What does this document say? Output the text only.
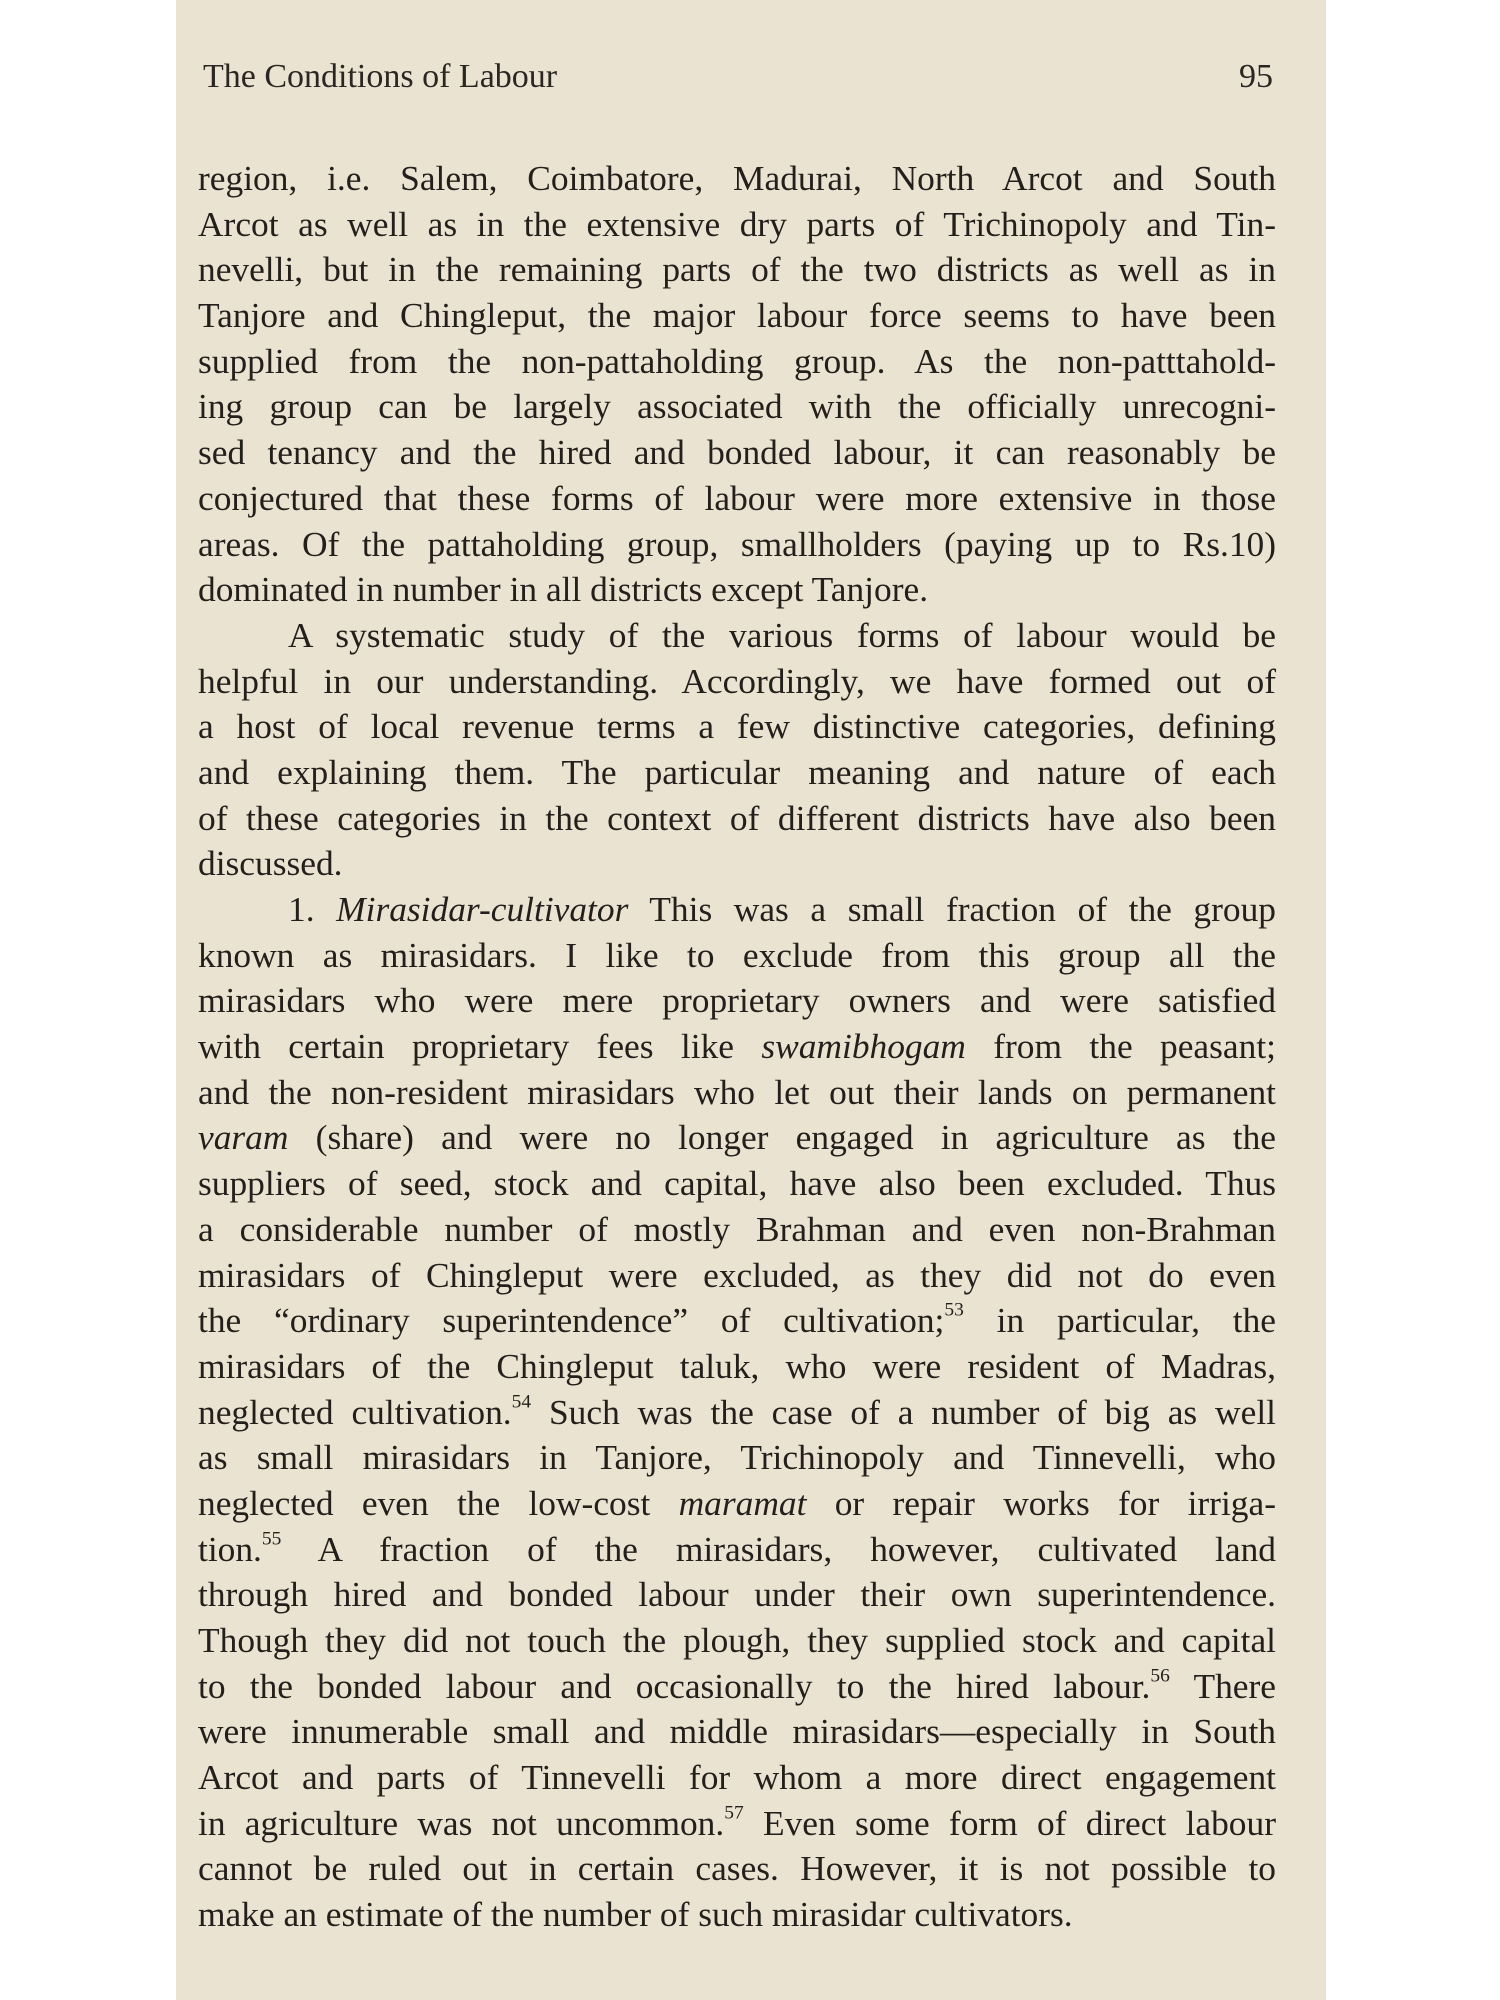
The Conditions of Labour	95
region, i.e. Salem, Coimbatore, Madurai, North Arcot and South
Arcot as well as in the extensive dry parts of Trichinopoly and Tin-
nevelli, but in the remaining parts of the two districts as well as in
Tanjore and Chingleput, the major labour force seems to have been
supplied from the non-pattaholding group. As the non-patttahold-
ing group can be largely associated with the officially unrecogni-
sed tenancy and the hired and bonded labour, it can reasonably be
conjectured that these forms of labour were more extensive in those
areas. Of the pattaholding group, smallholders (paying up to Rs.10)
dominated in number in all districts except Tanjore.
A systematic study of the various forms of labour would be
helpful in our understanding. Accordingly, we have formed out of
a host of local revenue terms a few distinctive categories, defining
and explaining them. The particular meaning and nature of each
of these categories in the context of different districts have also been
discussed.
1. Mirasidar-cultivator This was a small fraction of the group
known as mirasidars. I like to exclude from this group all the
mirasidars who were mere proprietary owners and were satisfied
with certain proprietary fees like swamibhogam from the peasant;
and the non-resident mirasidars who let out their lands on permanent
varam (share) and were no longer engaged in agriculture as the
suppliers of seed, stock and capital, have also been excluded. Thus
a considerable number of mostly Brahman and even non-Brahman
mirasidars of Chingleput were excluded, as they did not do even
the “ordinary superintendence” of cultivation;$^{53}$ in particular, the
mirasidars of the Chingleput taluk, who were resident of Madras,
neglected cultivation.$^{54}$ Such was the case of a number of big as well
as small mirasidars in Tanjore, Trichinopoly and Tinnevelli, who
neglected even the low-cost maramat or repair works for irriga-
tion.$^{55}$ A fraction of the mirasidars, however, cultivated land
through hired and bonded labour under their own superintendence.
Though they did not touch the plough, they supplied stock and capital
to the bonded labour and occasionally to the hired labour.$^{56}$ There
were innumerable small and middle mirasidars—especially in South
Arcot and parts of Tinnevelli for whom a more direct engagement
in agriculture was not uncommon.$^{57}$ Even some form of direct labour
cannot be ruled out in certain cases. However, it is not possible to
make an estimate of the number of such mirasidar cultivators.
